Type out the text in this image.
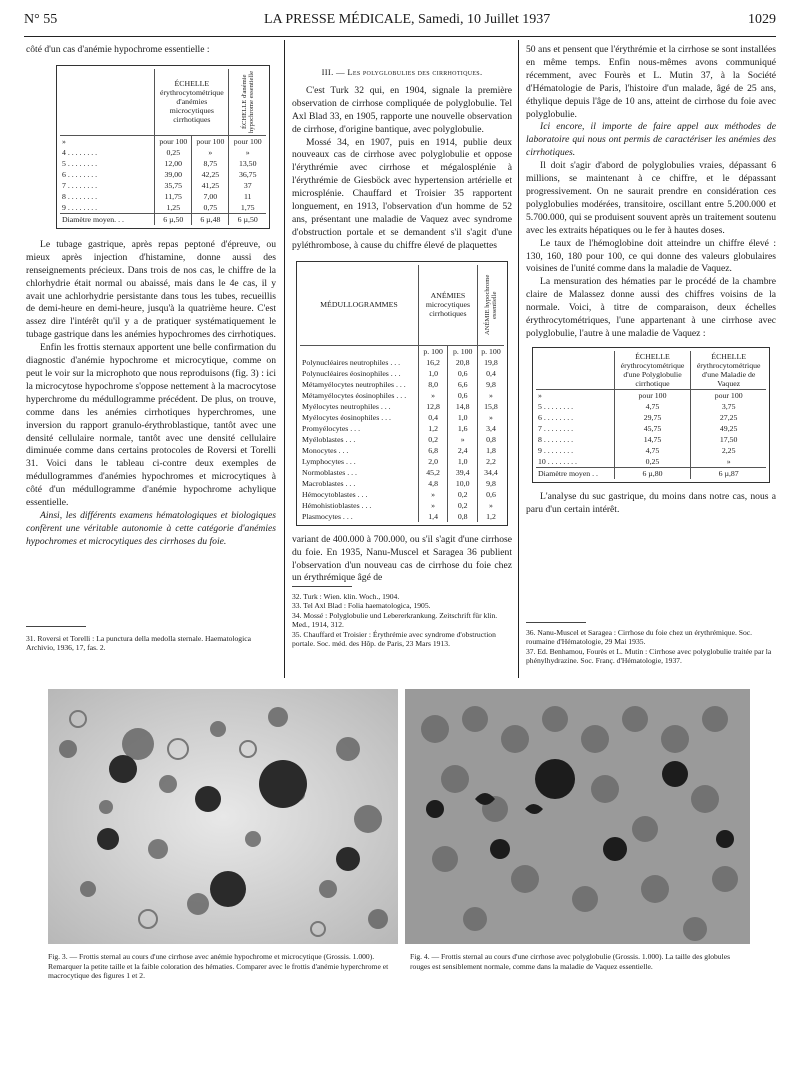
N° 55	LA PRESSE MÉDICALE, Samedi, 10 Juillet 1937	1029

côté d'un cas d'anémie hypochrome essentielle :

	ÉCHELLE érythrocytométrique d'anémies microcytiques cirrhotiques		ÉCHELLE d'anémie hypochrome essentielle

»	pour 100	pour 100	pour 100
4 . . . . . . . .	0,25	»	»
5 . . . . . . . .	12,00	8,75	13,50
6 . . . . . . . .	39,00	42,25	36,75
7 . . . . . . . .	35,75	41,25	37
8 . . . . . . . .	11,75	7,00	11
9 . . . . . . . .	1,25	0,75	1,75
Diamètre moyen. . .	6 µ,50	6 µ,48	6 µ,50

Le tubage gastrique, après repas peptoné d'épreuve, ou mieux après injection d'histamine, donne aussi des renseignements précieux. Dans trois de nos cas, le chiffre de la chlorhydrie était normal ou abaissé, mais dans le 4e cas, il y avait une achlorhydrie persistante dans tous les tubes, recueillis de demi-heure en demi-heure, jusqu'à la quatrième heure. C'est assez dire l'intérêt qu'il y a de pratiquer systématiquement le tubage gastrique dans les anémies hypochromes des cirrhotiques.

Enfin les frottis sternaux apportent une belle confirmation du diagnostic d'anémie hypochrome et microcytique, comme on peut le voir sur la microphoto que nous reproduisons (fig. 3) : ici la microcytose hypochrome s'oppose nettement à la macrocytose hyperchrome du médullogramme précédent. De plus, on trouve, comme dans les anémies cirrhotiques hyperchromes, une inversion du rapport granulo-érythroblastique, tantôt avec une densité cellulaire normale, tantôt avec une densité cellulaire diminuée comme dans certains protocoles de Roversi et Torelli 31. Voici dans le tableau ci-contre deux exemples de médullogrammes d'anémies hypochromes et microcytiques à côté d'un médullogramme d'anémie hypochrome achylique essentielle.

Ainsi, les différents examens hématologiques et biologiques confèrent une véritable autonomie à cette catégorie d'anémies hypochromes et microcytiques des cirrhoses du foie.

31. Roversi et Torelli : La punctura della medolla sternale. Haematologica Archivio, 1936, 17, fas. 2.

III. — Les polyglobulies des cirrhotiques.

C'est Turk 32 qui, en 1904, signale la première observation de cirrhose compliquée de polyglobulie. Tel Axl Blad 33, en 1905, rapporte une nouvelle observation de cirrhose, d'origine bantique, avec polyglobulie.

Mossé 34, en 1907, puis en 1914, publie deux nouveaux cas de cirrhose avec polyglobulie et oppose l'érythrémie avec cirrhose et mégalosplénie à l'érythrémie de Giesböck avec hypertension artérielle et microsplénie. Chauffard et Troisier 35 rapportent longuement, en 1913, l'observation d'un homme de 52 ans, présentant une maladie de Vaquez avec syndrome d'obstruction portale et se demandent s'il s'agit d'une pyléthrombose, à cause du chiffre élevé de plaquettes

MÉDULLOGRAMMES	ANÉMIES microcytiques cirrhotiques		ANÉMIE hypochrome essentielle

	p. 100	p. 100	p. 100
Polynucléaires neutrophiles . . .	16,2	20,8	19,8
Polynucléaires éosinophiles . . .	1,0	0,6	0,4
Métamyélocytes neutrophiles . . .	8,0	6,6	9,8
Métamyélocytes éosinophiles . . .	»	0,6	»
Myélocytes neutrophiles . . .	12,8	14,8	15,8
Myélocytes éosinophiles . . .	0,4	1,0	»
Promyélocytes . . .	1,2	1,6	3,4
Myéloblastes . . .	0,2	»	0,8
Monocytes . . .	6,8	2,4	1,8
Lymphocytes . . .	2,0	1,0	2,2
Normoblastes . . .	45,2	39,4	34,4
Macroblastes . . .	4,8	10,0	9,8
Hémocytoblastes . . .	»	0,2	0,6
Hémohistioblastes . . .	»	0,2	»
Plasmocytes . . .	1,4	0,8	1,2

variant de 400.000 à 700.000, ou s'il s'agit d'une cirrhose du foie. En 1935, Nanu-Muscel et Saragea 36 publient l'observation d'un nouveau cas de cirrhose du foie chez un érythrémique âgé de

32. Turk : Wien. klin. Woch., 1904.
33. Tel Axl Blad : Folia haematologica, 1905.
34. Mossé : Polyglobulie und Lebererkrankung. Zeitschrift für klin. Med., 1914, 312.
35. Chauffard et Troisier : Érythrémie avec syndrome d'obstruction portale. Soc. méd. des Hôp. de Paris, 23 Mars 1913.

50 ans et pensent que l'érythrémie et la cirrhose se sont installées en même temps. Enfin nous-mêmes avons communiqué récemment, avec Fourès et L. Mutin 37, à la Société d'Hématologie de Paris, l'histoire d'un malade, âgé de 25 ans, éthylique depuis l'âge de 10 ans, atteint de cirrhose du foie avec polyglobulie.

Ici encore, il importe de faire appel aux méthodes de laboratoire qui nous ont permis de caractériser les anémies des cirrhotiques.

Il doit s'agir d'abord de polyglobulies vraies, dépassant 6 millions, se maintenant à ce chiffre, et le dépassant progressivement. On ne saurait prendre en considération ces polyglobulies modérées, transitoire, oscillant entre 5.200.000 et 5.700.000, qui se produisent souvent après un traitement soutenu avec les extraits hépatiques ou le fer à hautes doses.

Le taux de l'hémoglobine doit atteindre un chiffre élevé : 130, 160, 180 pour 100, ce qui donne des valeurs globulaires voisines de l'unité comme dans la maladie de Vaquez.

La mensuration des hématies par le procédé de la chambre claire de Malassez donne aussi des chiffres voisins de la normale. Voici, à titre de comparaison, deux échelles érythrocytométriques, l'une appartenant à une cirrhose avec polyglobulie, l'autre à une maladie de Vaquez :

	ÉCHELLE érythrocytométrique d'une Polyglobulie cirrhotique	ÉCHELLE érythrocytométrique d'une Maladie de Vaquez
»	pour 100	pour 100
5 . . . . . . . .	4,75	3,75
6 . . . . . . . .	29,75	27,25
7 . . . . . . . .	45,75	49,25
8 . . . . . . . .	14,75	17,50
9 . . . . . . . .	4,75	2,25
10 . . . . . . . .	0,25	»
Diamètre moyen . .	6 µ,80	6 µ,87

L'analyse du suc gastrique, du moins dans notre cas, nous a paru d'un certain intérêt.

36. Nanu-Muscel et Saragea : Cirrhose du foie chez un érythrémique. Soc. roumaine d'Hématologie, 29 Mai 1935.
37. Ed. Benhamou, Fourès et L. Mutin : Cirrhose avec polyglobulie traitée par la phénylhydrazine. Soc. Franç. d'Hématologie, 1937.
Fig. 3. — Frottis sternal au cours d'une cirrhose avec anémie hypochrome et microcytique (Grossis. 1.000). Remarquer la petite taille et la faible coloration des hématies. Comparer avec le frottis d'anémie hyperchrome et macrocytique des figures 1 et 2.
Fig. 4. — Frottis sternal au cours d'une cirrhose avec polyglobulie (Grossis. 1.000). La taille des globules rouges est sensiblement normale, comme dans la maladie de Vaquez essentielle.
